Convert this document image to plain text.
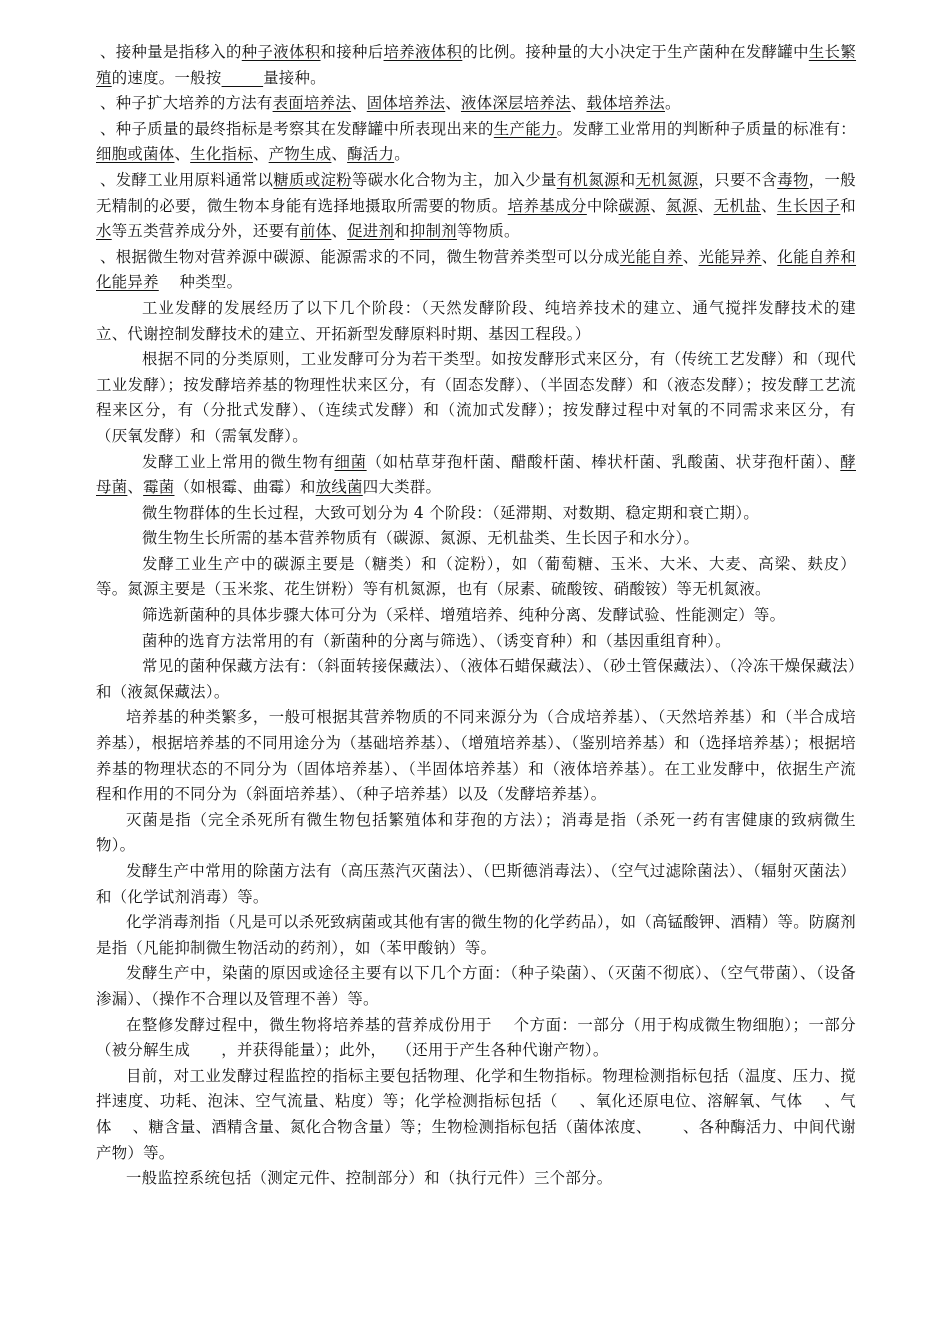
、接种量是指移入的种子液体积和接种后培养液体积的比例。接种量的大小决定于生产菌种在发酵罐中生长繁殖的速度。一般按	量接种。

、种子扩大培养的方法有表面培养法、固体培养法、液体深层培养法、载体培养法。

、种子质量的最终指标是考察其在发酵罐中所表现出来的生产能力。发酵工业常用的判断种子质量的标准有：细胞或菌体、生化指标、产物生成、酶活力。

、发酵工业用原料通常以糖质或淀粉等碳水化合物为主，加入少量有机氮源和无机氮源，只要不含毒物，一般无精制的必要，微生物本身能有选择地摄取所需要的物质。培养基成分中除碳源、氮源、无机盐、生长因子和水等五类营养成分外，还要有前体、促进剂和抑制剂等物质。

、根据微生物对营养源中碳源、能源需求的不同，微生物营养类型可以分成光能自养、光能异养、化能自养和化能异养    种类型。

工业发酵的发展经历了以下几个阶段：（天然发酵阶段、纯培养技术的建立、通气搅拌发酵技术的建立、代谢控制发酵技术的建立、开拓新型发酵原料时期、基因工程段。）

根据不同的分类原则，工业发酵可分为若干类型。如按发酵形式来区分，有（传统工艺发酵）和（现代工业发酵）；按发酵培养基的物理性状来区分，有（固态发酵）、（半固态发酵）和（液态发酵）；按发酵工艺流程来区分，有（分批式发酵）、（连续式发酵）和（流加式发酵）；按发酵过程中对氧的不同需求来区分，有（厌氧发酵）和（需氧发酵）。

发酵工业上常用的微生物有细菌（如枯草芽孢杆菌、醋酸杆菌、棒状杆菌、乳酸菌、状芽孢杆菌）、酵母菌、霉菌（如根霉、曲霉）和放线菌四大类群。

微生物群体的生长过程，大致可划分为 4 个阶段：（延滞期、对数期、稳定期和衰亡期）。

微生物生长所需的基本营养物质有（碳源、氮源、无机盐类、生长因子和水分）。

发酵工业生产中的碳源主要是（糖类）和（淀粉），如（葡萄糖、玉米、大米、大麦、高梁、麸皮）等。氮源主要是（玉米浆、花生饼粉）等有机氮源，也有（尿素、硫酸铵、硝酸铵）等无机氮液。

筛选新菌种的具体步骤大体可分为（采样、增殖培养、纯种分离、发酵试验、性能测定）等。

菌种的选育方法常用的有（新菌种的分离与筛选）、（诱变育种）和（基因重组育种）。

常见的菌种保藏方法有：（斜面转接保藏法）、（液体石蜡保藏法）、（砂土管保藏法）、（冷冻干燥保藏法）和（液氮保藏法）。

培养基的种类繁多，一般可根据其营养物质的不同来源分为（合成培养基）、（天然培养基）和（半合成培养基），根据培养基的不同用途分为（基础培养基）、（增殖培养基）、（鉴别培养基）和（选择培养基）；根据培养基的物理状态的不同分为（固体培养基）、（半固体培养基）和（液体培养基）。在工业发酵中，依据生产流程和作用的不同分为（斜面培养基）、（种子培养基）以及（发酵培养基）。

灭菌是指（完全杀死所有微生物包括繁殖体和芽孢的方法）；消毒是指（杀死一药有害健康的致病微生物）。

发酵生产中常用的除菌方法有（高压蒸汽灭菌法）、（巴斯德消毒法）、（空气过滤除菌法）、（辐射灭菌法）和（化学试剂消毒）等。

化学消毒剂指（凡是可以杀死致病菌或其他有害的微生物的化学药品），如（高锰酸钾、酒精）等。防腐剂是指（凡能抑制微生物活动的药剂），如（苯甲酸钠）等。

发酵生产中，染菌的原因或途径主要有以下几个方面：（种子染菌）、（灭菌不彻底）、（空气带菌）、（设备渗漏）、（操作不合理以及管理不善）等。

在整修发酵过程中，微生物将培养基的营养成份用于    个方面：一部分（用于构成微生物细胞）；一部分（被分解生成      ，并获得能量）；此外，  （还用于产生各种代谢产物）。

目前，对工业发酵过程监控的指标主要包括物理、化学和生物指标。物理检测指标包括（温度、压力、搅拌速度、功耗、泡沫、空气流量、粘度）等；化学检测指标包括（    、氧化还原电位、溶解氧、气体    、气体    、糖含量、酒精含量、氮化合物含量）等；生物检测指标包括（菌体浓度、      、各种酶活力、中间代谢产物）等。

一般监控系统包括（测定元件、控制部分）和（执行元件）三个部分。
